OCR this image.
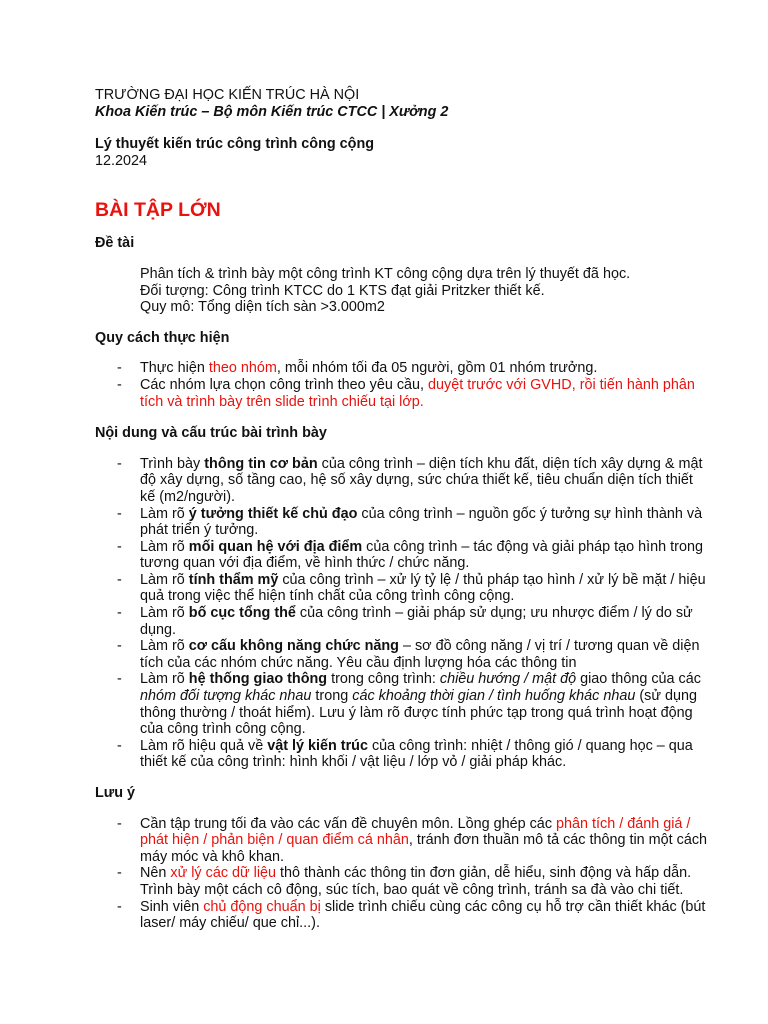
TRƯỜNG ĐẠI HỌC KIẾN TRÚC HÀ NỘI

Khoa Kiến trúc – Bộ môn Kiến trúc CTCC | Xưởng 2

Lý thuyết kiến trúc công trình công cộng

12.2024

BÀI TẬP LỚN

Đề tài

Phân tích & trình bày một công trình KT công cộng dựa trên lý thuyết đã học.

Đối tượng: Công trình KTCC do 1 KTS đạt giải Pritzker thiết kế.

Quy mô: Tổng diện tích sàn >3.000m2

Quy cách thực hiện

- Thực hiện theo nhóm, mỗi nhóm tối đa 05 người, gồm 01 nhóm trưởng.
- Các nhóm lựa chọn công trình theo yêu cầu, duyệt trước với GVHD, rồi tiến hành phân tích và trình bày trên slide trình chiếu tại lớp.

Nội dung và cấu trúc bài trình bày

- Trình bày thông tin cơ bản của công trình – diện tích khu đất, diện tích xây dựng & mật độ xây dựng, số tầng cao, hệ số xây dựng, sức chứa thiết kế, tiêu chuẩn diện tích thiết kế (m2/người).
- Làm rõ ý tưởng thiết kế chủ đạo của công trình – nguồn gốc ý tưởng sự hình thành và phát triển ý tưởng.
- Làm rõ mối quan hệ với địa điểm của công trình – tác động và giải pháp tạo hình trong tương quan với địa điểm, về hình thức / chức năng.
- Làm rõ tính thẩm mỹ của công trình – xử lý tỷ lệ / thủ pháp tạo hình / xử lý bề mặt / hiệu quả trong việc thể hiện tính chất của công trình công cộng.
- Làm rõ bố cục tổng thể của công trình – giải pháp sử dụng; ưu nhược điểm / lý do sử dụng.
- Làm rõ cơ cấu không năng chức năng – sơ đồ công năng / vị trí / tương quan về diện tích của các nhóm chức năng. Yêu cầu định lượng hóa các thông tin
- Làm rõ hệ thống giao thông trong công trình: chiều hướng / mật độ giao thông của các nhóm đối tượng khác nhau trong các khoảng thời gian / tình huống khác nhau (sử dụng thông thường / thoát hiểm). Lưu ý làm rõ được tính phức tạp trong quá trình hoạt động của công trình công cộng.
- Làm rõ hiệu quả về vật lý kiến trúc của công trình: nhiệt / thông gió / quang học – qua thiết kế của công trình: hình khối / vật liệu / lớp vỏ / giải pháp khác.

Lưu ý

- Cần tập trung tối đa vào các vấn đề chuyên môn. Lồng ghép các phân tích / đánh giá / phát hiện / phản biện / quan điểm cá nhân, tránh đơn thuần mô tả các thông tin một cách máy móc và khô khan.
- Nên xử lý các dữ liệu thô thành các thông tin đơn giản, dễ hiểu, sinh động và hấp dẫn. Trình bày một cách cô động, súc tích, bao quát về công trình, tránh sa đà vào chi tiết.
- Sinh viên chủ động chuẩn bị slide trình chiếu cùng các công cụ hỗ trợ cần thiết khác (bút laser/ máy chiếu/ que chỉ...).
